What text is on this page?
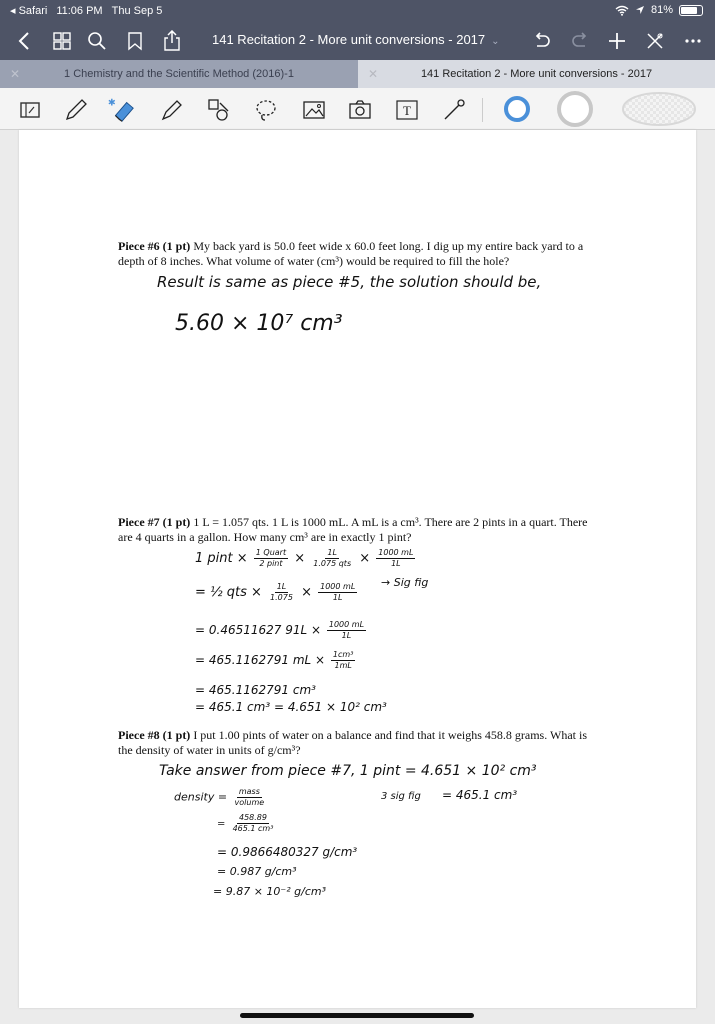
◂ Safari 11:06 PM Thu Sep 5	81%
141 Recitation 2 - More unit conversions - 2017 ⌄
✕	1 Chemistry and the Scientific Method (2016)-1	✕	141 Recitation 2 - More unit conversions - 2017
✱
T
Piece #6 (1 pt) My back yard is 50.0 feet wide x 60.0 feet long. I dig up my entire back yard to a depth of 8 inches. What volume of water (cm³) would be required to fill the hole?
Result is same as piece #5, the solution should be,
5.60 × 10⁷ cm³
Piece #7 (1 pt) 1 L = 1.057 qts. 1 L is 1000 mL. A mL is a cm³. There are 2 pints in a quart. There are 4 quarts in a gallon. How many cm³ are in exactly 1 pint?
1 pint × $\frac{\text{1 Quart}}{\text{2 pint}} \times \frac{1L}{\text{1.075 qts}} \times \frac{1000 mL}{1L}$
→ Sig fig
= ½ qts × $\frac{1L}{1.075} \times \frac{1000 mL}{1L}$
= 0.46511627 $91L \times \frac{1000 mL}{1L}$
= 465.1162791 mL × $\frac{\text{1cm³}}{1mL}$
= 465.1162791 cm³
= 465.1 cm³ = 4.651 × 10² cm³
Piece #8 (1 pt) I put 1.00 pints of water on a balance and find that it weighs 458.8 grams. What is the density of water in units of g/cm³?
Take answer from piece #7, 1 pint = 4.651 × 10² cm³
density = $\frac{\text{mass}}{\text{volume}}$	3 sig fig = 465.1 cm³
= $\frac{458.89}{\text{465.1 cm³}}$
= 0.9866480327 g/cm³
= 0.987 g/cm³
= 9.87 × 10⁻² g/cm³
